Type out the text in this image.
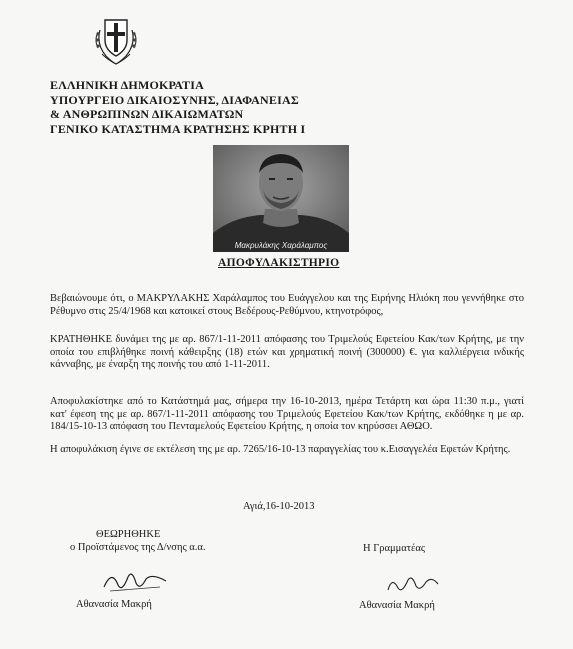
ΕΛΛΗΝΙΚΗ ΔΗΜΟΚΡΑΤΙΑ
ΥΠΟΥΡΓΕΙΟ ΔΙΚΑΙΟΣΥΝΗΣ, ΔΙΑΦΑΝΕΙΑΣ
& ΑΝΘΡΩΠΙΝΩΝ ΔΙΚΑΙΩΜΑΤΩΝ
ΓΕΝΙΚΟ ΚΑΤΑΣΤΗΜΑ ΚΡΑΤΗΣΗΣ ΚΡΗΤΗ Ι
Μακρυλάκης Χαράλαμπος
ΑΠΟΦΥΛΑΚΙΣΤΗΡΙΟ
Βεβαιώνουμε ότι, ο ΜΑΚΡΥΛΑΚΗΣ Χαράλαμπος του Ευάγγελου και της Ειρήνης Ηλιόκη που γεννήθηκε στο Ρέθυμνο στις 25/4/1968 και κατοικεί στους Βεδέρους-Ρεθύμνου, κτηνοτρόφος,
ΚΡΑΤΗΘΗΚΕ δυνάμει της με αρ. 867/1-11-2011 απόφασης του Τριμελούς Εφετείου Κακ/των Κρήτης, με την οποία του επιβλήθηκε ποινή κάθειρξης (18) ετών και χρηματική ποινή (300000) €. για καλλιέργεια ινδικής κάνναβης, με έναρξη της ποινής του από 1-11-2011.
Αποφυλακίστηκε από το Κατάστημά μας, σήμερα την 16-10-2013, ημέρα Τετάρτη και ώρα 11:30 π.μ., γιατί κατ' έφεση της με αρ. 867/1-11-2011 απόφασης του Τριμελούς Εφετείου Κακ/των Κρήτης, εκδόθηκε η με αρ. 184/15-10-13 απόφαση του Πενταμελούς Εφετείου Κρήτης, η οποία τον κηρύσσει ΑΘΩΟ.
Η αποφυλάκιση έγινε σε εκτέλεση της με αρ. 7265/16-10-13 παραγγελίας του κ.Εισαγγελέα Εφετών Κρήτης.
Αγιά,16-10-2013
ΘΕΩΡΗΘΗΚΕ
ο Προϊστάμενος της Δ/νσης α.α.	Η Γραμματέας
Αθανασία Μακρή	Αθανασία Μακρή
